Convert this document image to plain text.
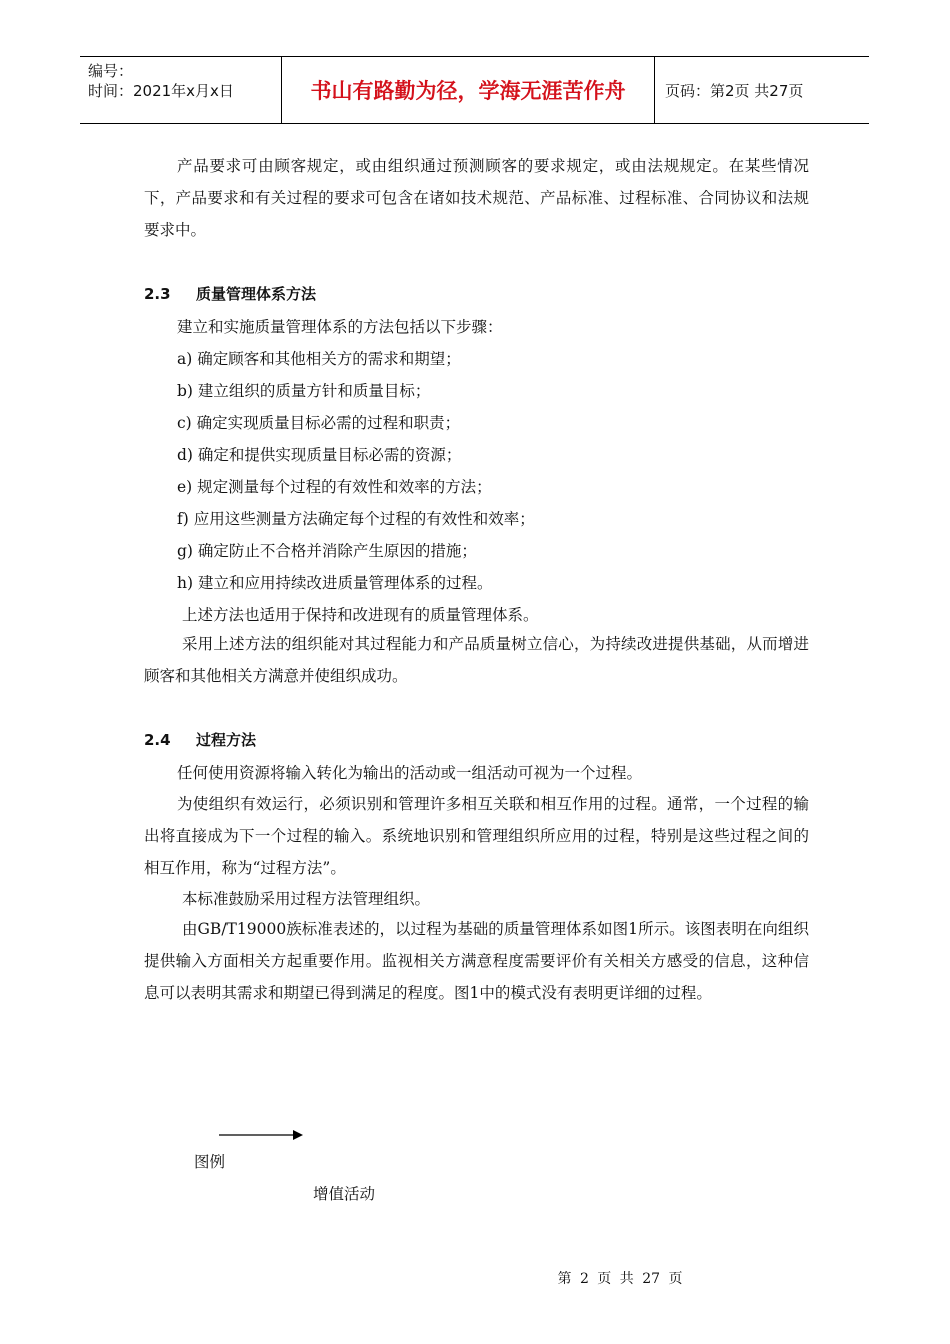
编号：
时间：2021年x月x日	书山有路勤为径，学海无涯苦作舟	页码：第2页 共27页
产品要求可由顾客规定，或由组织通过预测顾客的要求规定，或由法规规定。在某些情况下，产品要求和有关过程的要求可包含在诸如技术规范、产品标准、过程标准、合同协议和法规要求中。
2.3 质量管理体系方法
建立和实施质量管理体系的方法包括以下步骤：
a) 确定顾客和其他相关方的需求和期望；
b) 建立组织的质量方针和质量目标；
c) 确定实现质量目标必需的过程和职责；
d) 确定和提供实现质量目标必需的资源；
e) 规定测量每个过程的有效性和效率的方法；
f) 应用这些测量方法确定每个过程的有效性和效率；
g) 确定防止不合格并消除产生原因的措施；
h) 建立和应用持续改进质量管理体系的过程。
上述方法也适用于保持和改进现有的质量管理体系。
采用上述方法的组织能对其过程能力和产品质量树立信心，为持续改进提供基础，从而增进顾客和其他相关方满意并使组织成功。
2.4 过程方法
任何使用资源将输入转化为输出的活动或一组活动可视为一个过程。
为使组织有效运行，必须识别和管理许多相互关联和相互作用的过程。通常，一个过程的输出将直接成为下一个过程的输入。系统地识别和管理组织所应用的过程，特别是这些过程之间的相互作用，称为“过程方法”。
本标准鼓励采用过程方法管理组织。
由GB/T19000族标准表述的，以过程为基础的质量管理体系如图1所示。该图表明在向组织提供输入方面相关方起重要作用。监视相关方满意程度需要评价有关相关方感受的信息，这种信息可以表明其需求和期望已得到满足的程度。图1中的模式没有表明更详细的过程。
图例
增值活动
第 2 页 共 27 页
